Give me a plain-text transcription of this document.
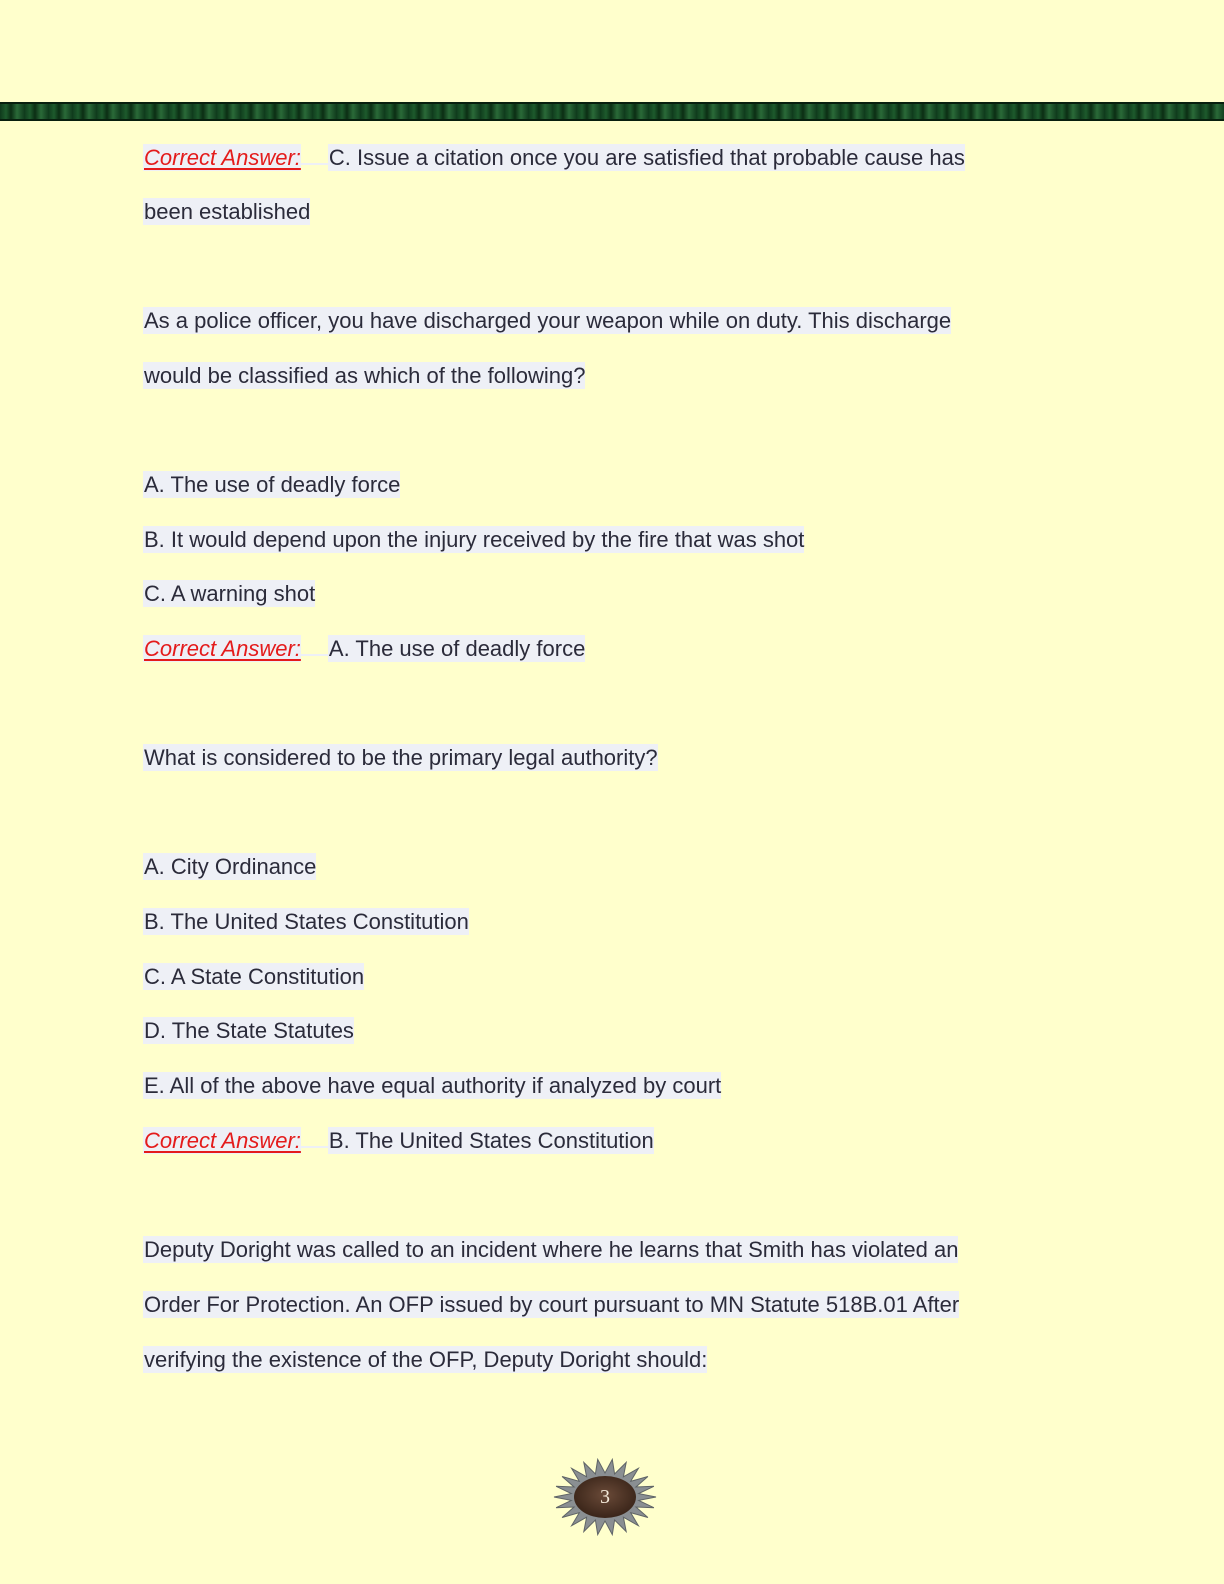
Correct Answer: C. Issue a citation once you are satisfied that probable cause has
been established
As a police officer, you have discharged your weapon while on duty. This discharge
would be classified as which of the following?
A. The use of deadly force
B. It would depend upon the injury received by the fire that was shot
C. A warning shot
Correct Answer: A. The use of deadly force
What is considered to be the primary legal authority?
A. City Ordinance
B. The United States Constitution
C. A State Constitution
D. The State Statutes
E. All of the above have equal authority if analyzed by court
Correct Answer: B. The United States Constitution
Deputy Doright was called to an incident where he learns that Smith has violated an
Order For Protection. An OFP issued by court pursuant to MN Statute 518B.01 After
verifying the existence of the OFP, Deputy Doright should:
3
